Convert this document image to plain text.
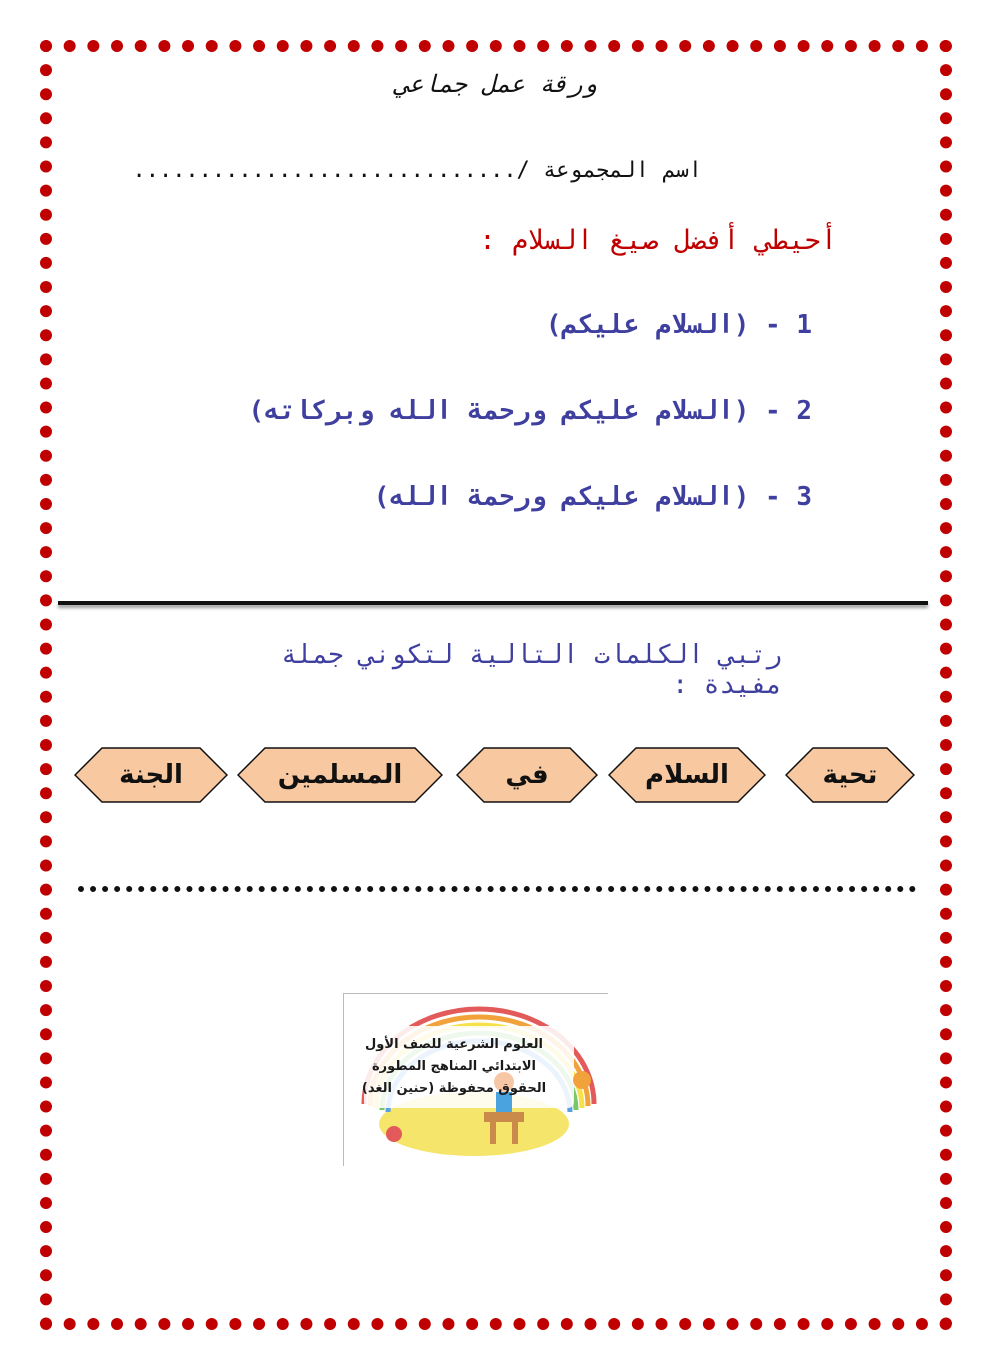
ورقة عمل جماعي
اسم المجموعة /.............................
أحيطي أفضل صيغ السلام :
1 - (السلام عليكم)
2 - (السلام عليكم ورحمة الله وبركاته)
3 - (السلام عليكم ورحمة الله)
رتبي الكلمات التالية لتكوني جملة مفيدة :
تحية
السلام
في
المسلمين
الجنة
العلوم الشرعية للصف الأول
الابتدائي المناهج المطورة
الحقوق محفوظة (حنين الغد)
